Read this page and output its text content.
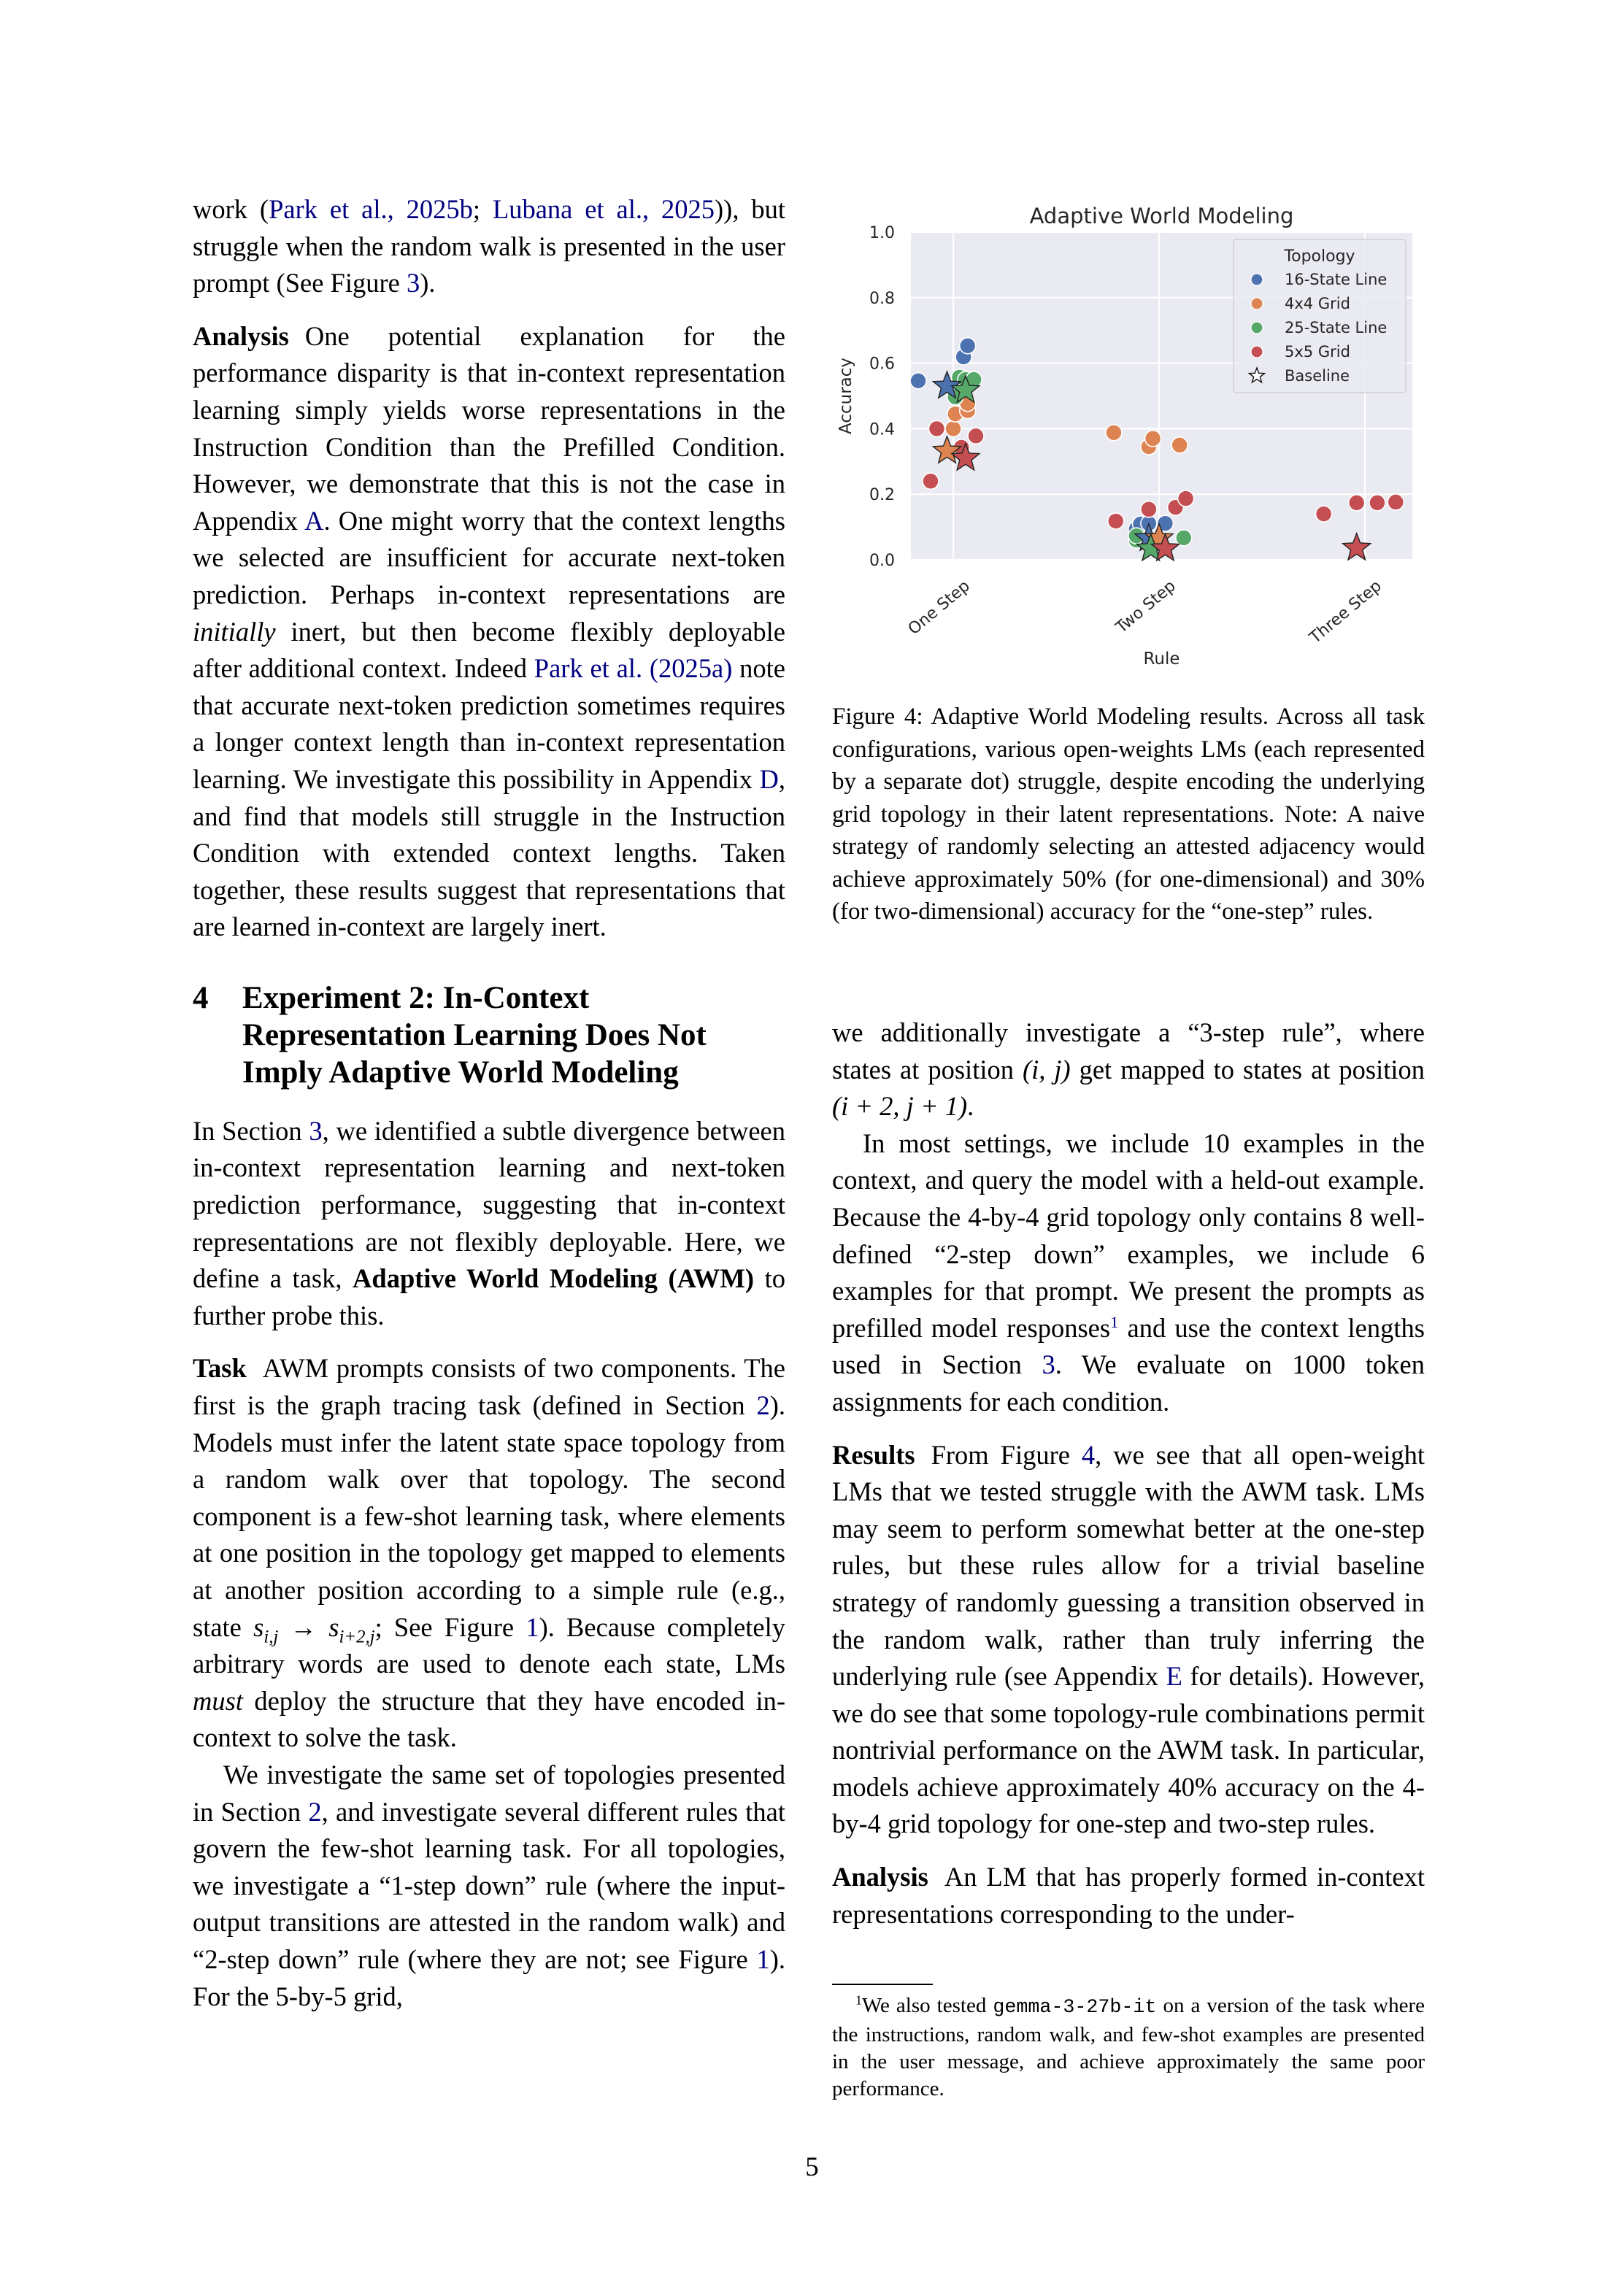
work (Park et al., 2025b; Lubana et al., 2025)), but struggle when the random walk is presented in the user prompt (See Figure 3).

Analysis One potential explanation for the performance disparity is that in-context representation learning simply yields worse representations in the Instruction Condition than the Prefilled Condition. However, we demonstrate that this is not the case in Appendix A. One might worry that the context lengths we selected are insufficient for accurate next-token prediction. Perhaps in-context representations are initially inert, but then become flexibly deployable after additional context. Indeed Park et al. (2025a) note that accurate next-token prediction sometimes requires a longer context length than in-context representation learning. We investigate this possibility in Appendix D, and find that models still struggle in the Instruction Condition with extended context lengths. Taken together, these results suggest that representations that are learned in-context are largely inert.

4	Experiment 2: In-Context Representation Learning Does Not Imply Adaptive World Modeling

In Section 3, we identified a subtle divergence between in-context representation learning and next-token prediction performance, suggesting that in-context representations are not flexibly deployable. Here, we define a task, Adaptive World Modeling (AWM) to further probe this.

Task AWM prompts consists of two components. The first is the graph tracing task (defined in Section 2). Models must infer the latent state space topology from a random walk over that topology. The second component is a few-shot learning task, where elements at one position in the topology get mapped to elements at another position according to a simple rule (e.g., state $s_{i,j} \to s_{i+2,j}$; See Figure 1). Because completely arbitrary words are used to denote each state, LMs must deploy the structure that they have encoded in-context to solve the task.

We investigate the same set of topologies presented in Section 2, and investigate several different rules that govern the few-shot learning task. For all topologies, we investigate a “1-step down” rule (where the input-output transitions are attested in the random walk) and “2-step down” rule (where they are not; see Figure 1). For the 5-by-5 grid,

0.0
0.2
0.4
0.6
0.8
1.0
One Step	Two Step	Three Step
Adaptive World Modeling
Rule
Accuracy
Topology
16-State Line
4x4 Grid
25-State Line
5x5 Grid
Baseline
Figure 4: Adaptive World Modeling results. Across all task configurations, various open-weights LMs (each represented by a separate dot) struggle, despite encoding the underlying grid topology in their latent representations. Note: A naive strategy of randomly selecting an attested adjacency would achieve approximately 50% (for one-dimensional) and 30% (for two-dimensional) accuracy for the “one-step” rules.

we additionally investigate a “3-step rule”, where states at position (i, j) get mapped to states at position (i + 2, j + 1).

In most settings, we include 10 examples in the context, and query the model with a held-out example. Because the 4-by-4 grid topology only contains 8 well-defined “2-step down” examples, we include 6 examples for that prompt. We present the prompts as prefilled model responses$^1$ and use the context lengths used in Section 3. We evaluate on 1000 token assignments for each condition.

Results From Figure 4, we see that all open-weight LMs that we tested struggle with the AWM task. LMs may seem to perform somewhat better at the one-step rules, but these rules allow for a trivial baseline strategy of randomly guessing a transition observed in the random walk, rather than truly inferring the underlying rule (see Appendix E for details). However, we do see that some topology-rule combinations permit nontrivial performance on the AWM task. In particular, models achieve approximately 40% accuracy on the 4-by-4 grid topology for one-step and two-step rules.

Analysis An LM that has properly formed in-context representations corresponding to the under-

$^1$We also tested gemma-3-27b-it on a version of the task where the instructions, random walk, and few-shot examples are presented in the user message, and achieve approximately the same poor performance.

5
